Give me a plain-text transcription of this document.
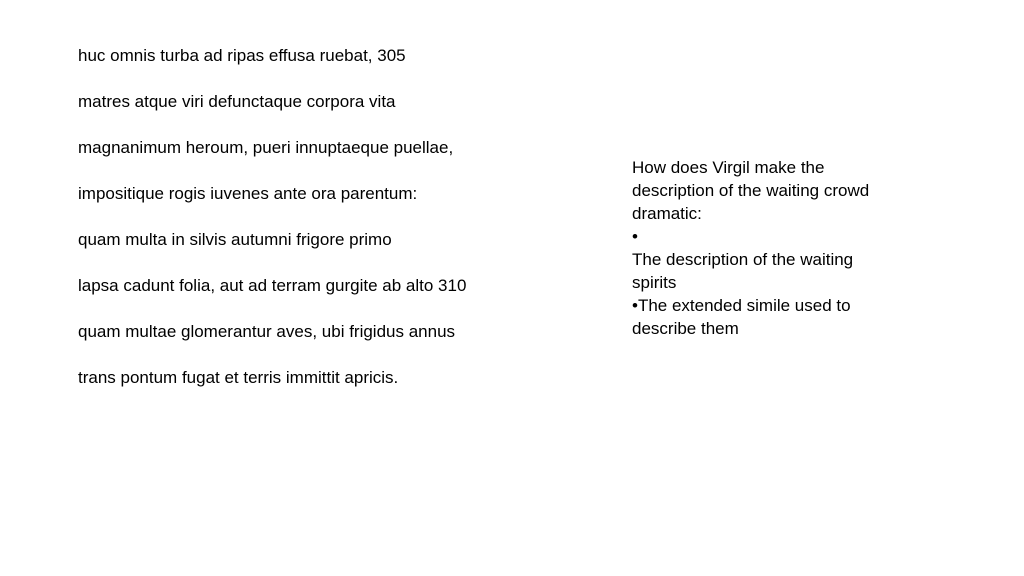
huc omnis turba ad ripas effusa ruebat, 305

matres atque viri defunctaque corpora vita

magnanimum heroum, pueri innuptaeque puellae,

impositique rogis iuvenes ante ora parentum:

quam multa in silvis autumni frigore primo

lapsa cadunt folia, aut ad terram gurgite ab alto 310

quam multae glomerantur aves, ubi frigidus annus

trans pontum fugat et terris immittit apricis.

How does Virgil make the description of the waiting crowd dramatic:

•

The description of the waiting spirits

•The extended simile used to describe them
